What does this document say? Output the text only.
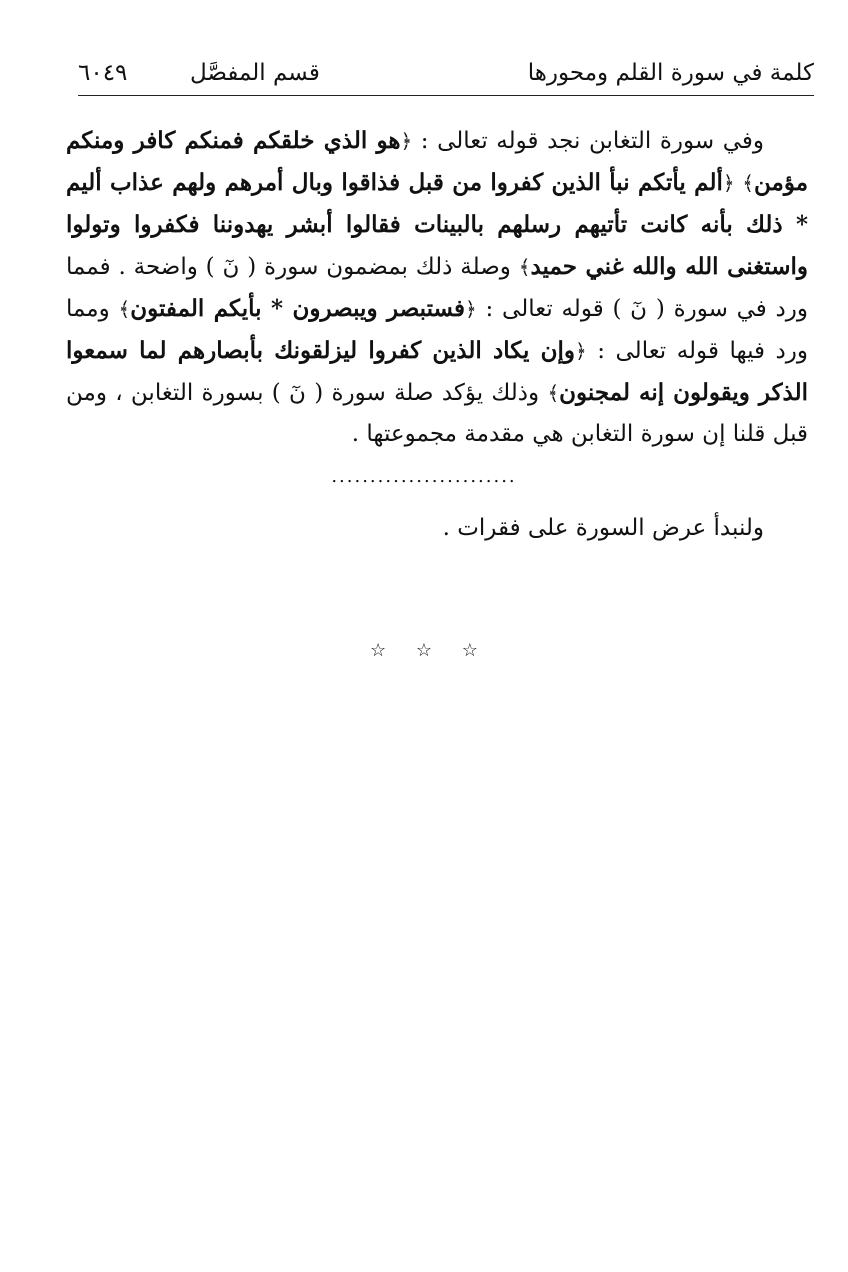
كلمة في سورة القلم ومحورها
قسم المفصَّل
٦٠٤٩

وفي سورة التغابن نجد قوله تعالى : ﴿هو الذي خلقكم فمنكم كافر ومنكم مؤمن﴾ ﴿ألم يأتكم نبأ الذين كفروا من قبل فذاقوا وبال أمرهم ولهم عذاب أليم * ذلك بأنه كانت تأتيهم رسلهم بالبينات فقالوا أبشر يهدوننا فكفروا وتولوا واستغنى الله والله غني حميد﴾ وصلة ذلك بمضمون سورة ( نٓ ) واضحة . فمما ورد في سورة ( نٓ ) قوله تعالى : ﴿فستبصر ويبصرون * بأيكم المفتون﴾ ومما ورد فيها قوله تعالى : ﴿وإن يكاد الذين كفروا ليزلقونك بأبصارهم لما سمعوا الذكر ويقولون إنه لمجنون﴾ وذلك يؤكد صلة سورة ( نٓ ) بسورة التغابن ، ومن قبل قلنا إن سورة التغابن هي مقدمة مجموعتها .

........................

ولنبدأ عرض السورة على فقرات .

☆ ☆ ☆
